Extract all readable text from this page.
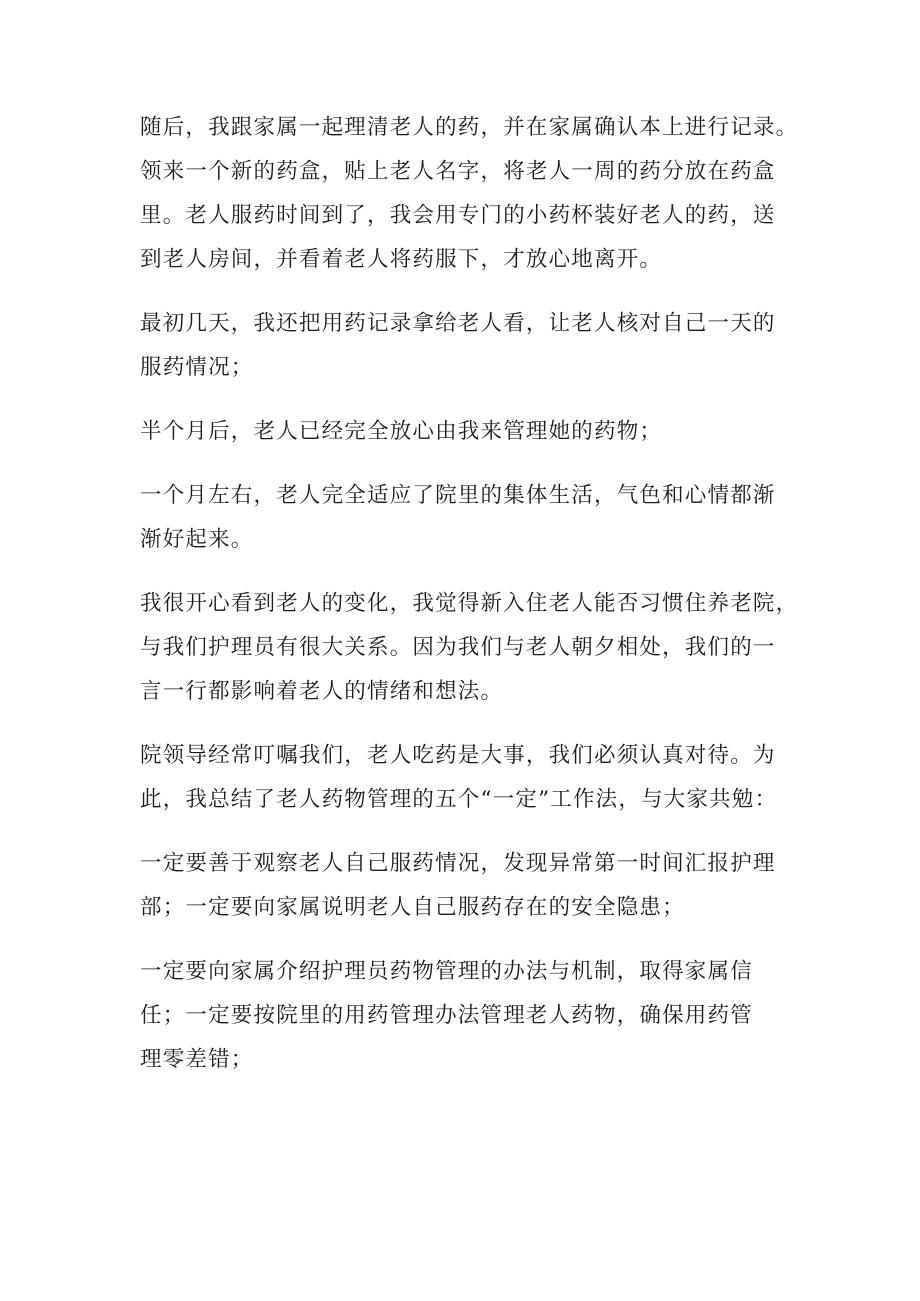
随后，我跟家属一起理清老人的药，并在家属确认本上进行记录。
领来一个新的药盒，贴上老人名字，将老人一周的药分放在药盒
里。老人服药时间到了，我会用专门的小药杯装好老人的药，送
到老人房间，并看着老人将药服下，才放心地离开。

最初几天，我还把用药记录拿给老人看，让老人核对自己一天的
服药情况；

半个月后，老人已经完全放心由我来管理她的药物；

一个月左右，老人完全适应了院里的集体生活，气色和心情都渐
渐好起来。

我很开心看到老人的变化，我觉得新入住老人能否习惯住养老院，
与我们护理员有很大关系。因为我们与老人朝夕相处，我们的一
言一行都影响着老人的情绪和想法。

院领导经常叮嘱我们，老人吃药是大事，我们必须认真对待。为
此，我总结了老人药物管理的五个“一定”工作法，与大家共勉：

一定要善于观察老人自己服药情况，发现异常第一时间汇报护理
部；一定要向家属说明老人自己服药存在的安全隐患；

一定要向家属介绍护理员药物管理的办法与机制，取得家属信
任；一定要按院里的用药管理办法管理老人药物，确保用药管
理零差错；
